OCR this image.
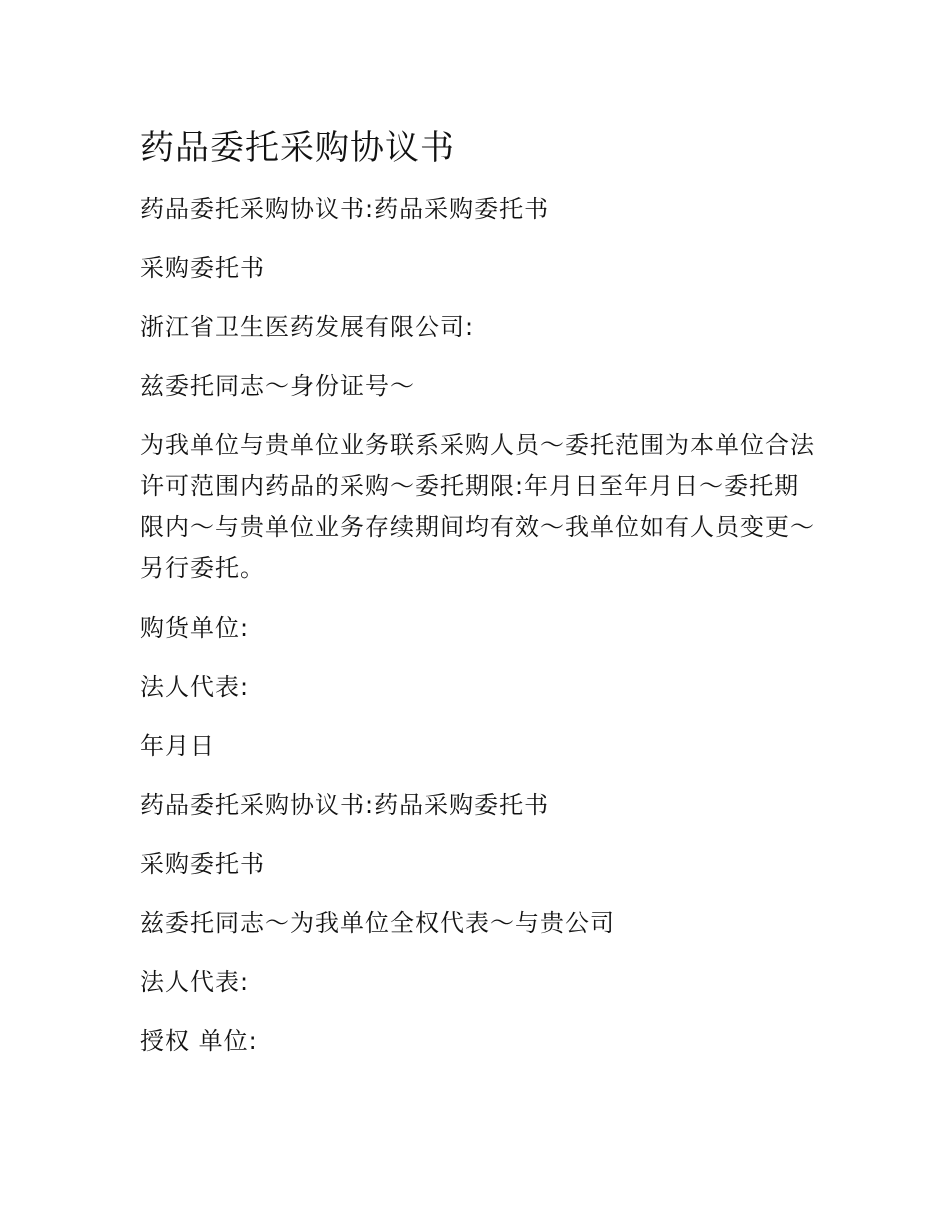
药品委托采购协议书

药品委托采购协议书:药品采购委托书

采购委托书

浙江省卫生医药发展有限公司:

兹委托同志～身份证号～

为我单位与贵单位业务联系采购人员～委托范围为本单位合法许可范围内药品的采购～委托期限:年月日至年月日～委托期限内～与贵单位业务存续期间均有效～我单位如有人员变更～另行委托。

购货单位:

法人代表:

年月日

药品委托采购协议书:药品采购委托书

采购委托书

兹委托同志～为我单位全权代表～与贵公司

法人代表:

授权 单位:
